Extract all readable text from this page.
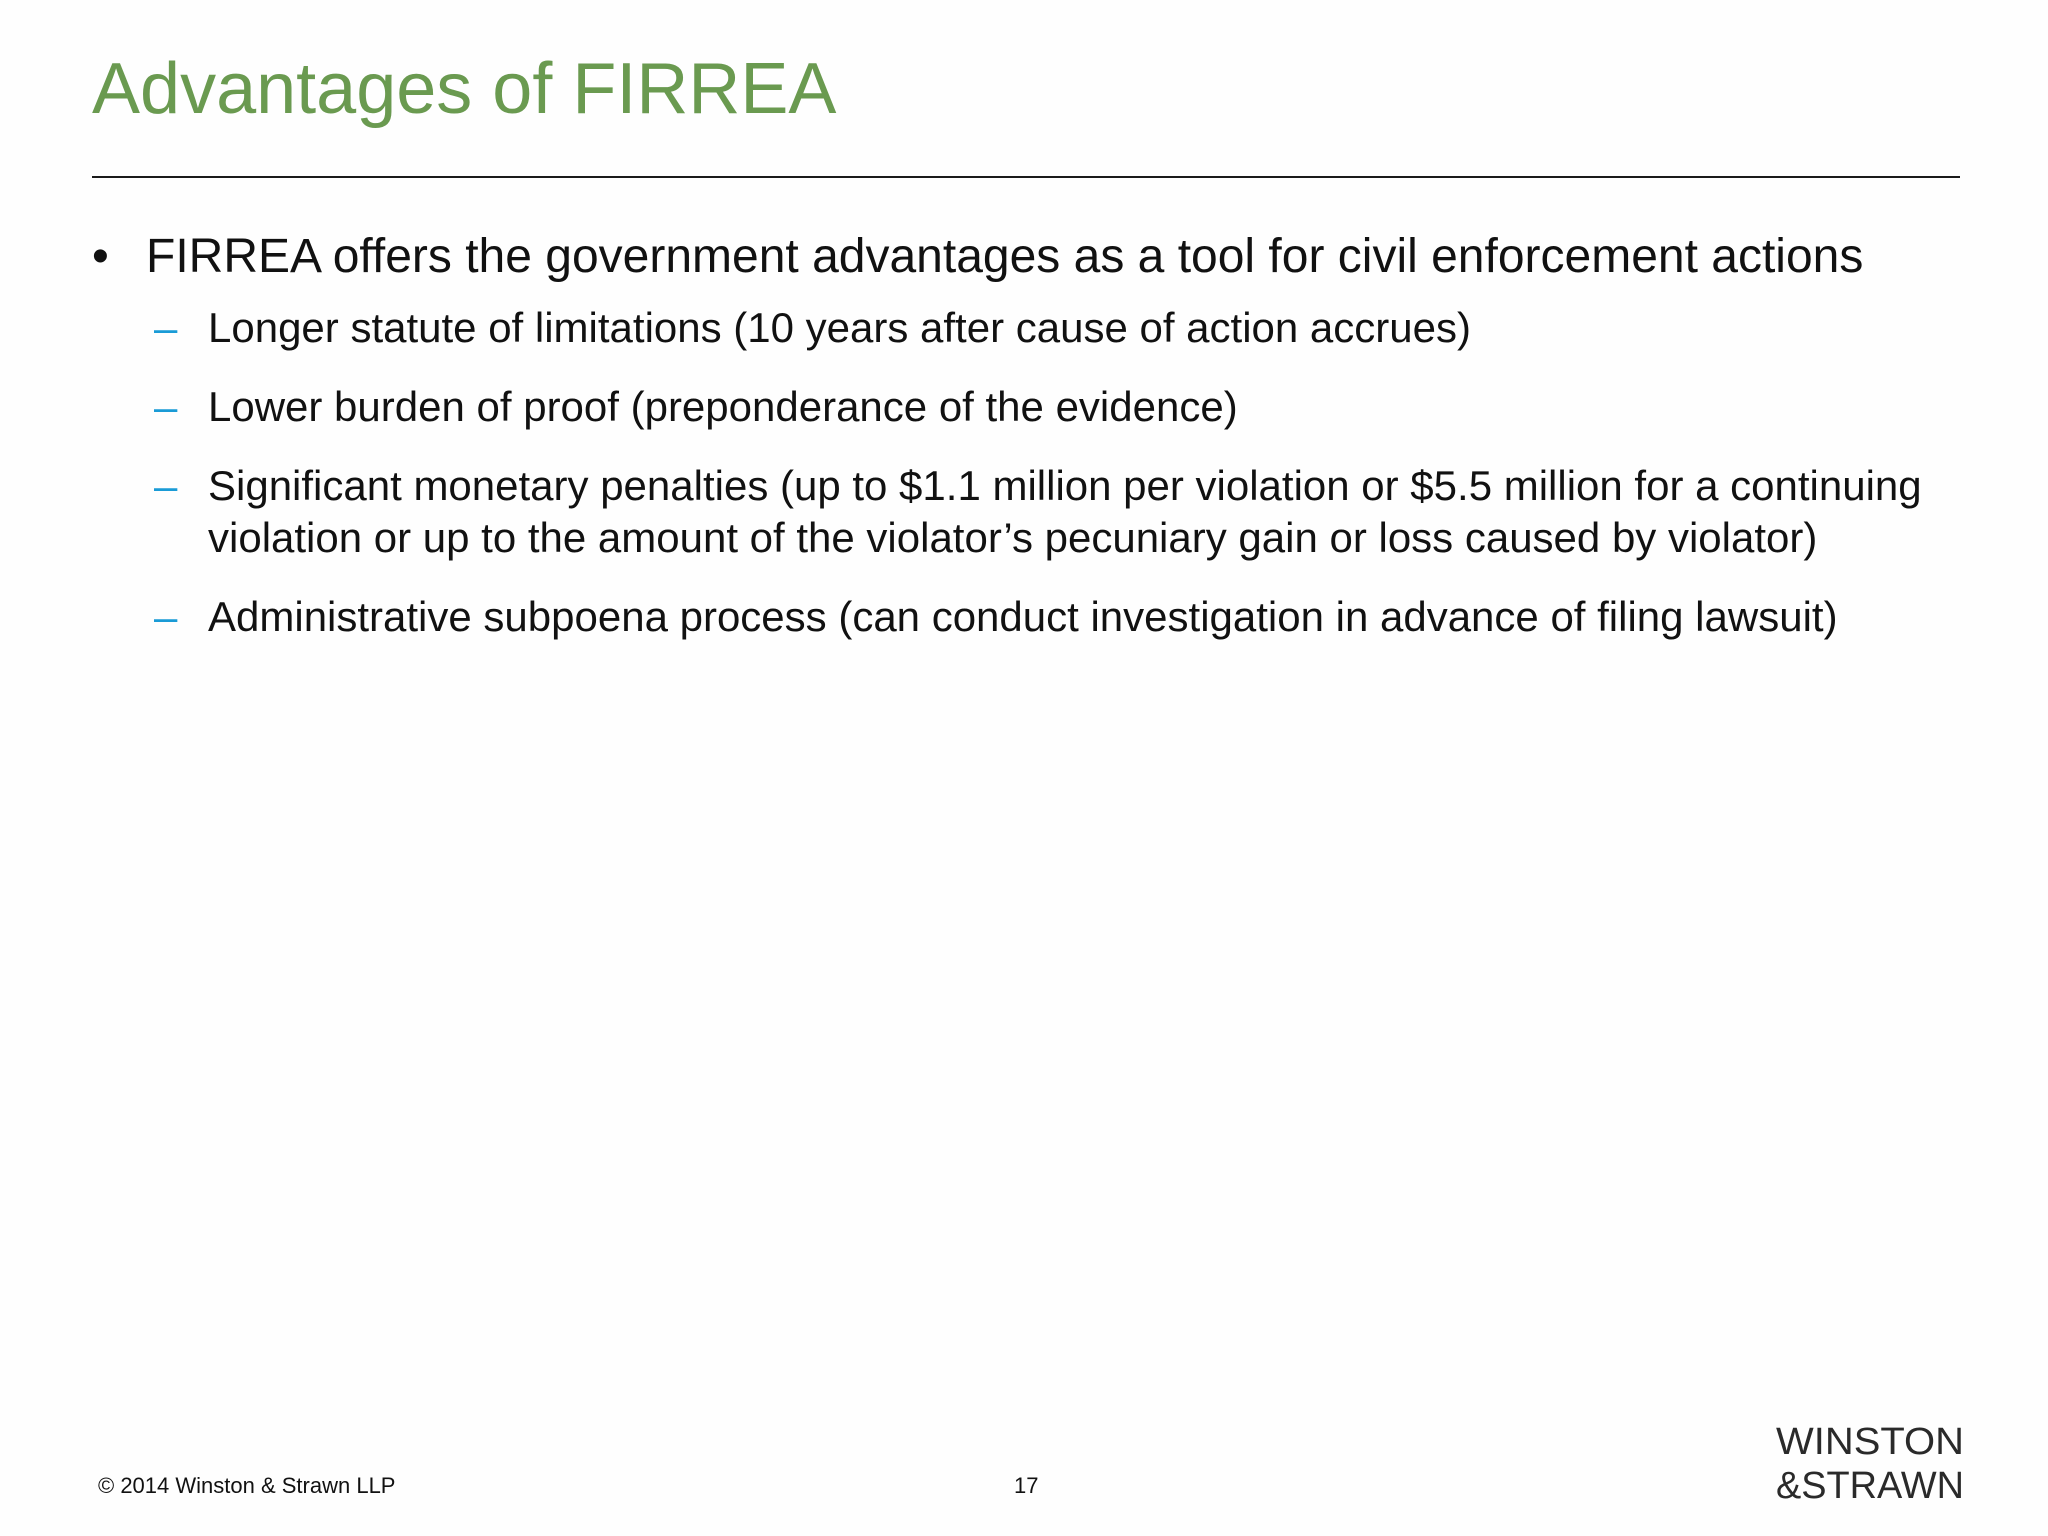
Advantages of FIRREA
• FIRREA offers the government advantages as a tool for civil enforcement actions
– Longer statute of limitations (10 years after cause of action accrues)
– Lower burden of proof (preponderance of the evidence)
– Significant monetary penalties (up to $1.1 million per violation or $5.5 million for a continuing violation or up to the amount of the violator’s pecuniary gain or loss caused by violator)
– Administrative subpoena process (can conduct investigation in advance of filing lawsuit)
© 2014 Winston & Strawn LLP	17
WINSTON
&STRAWN
